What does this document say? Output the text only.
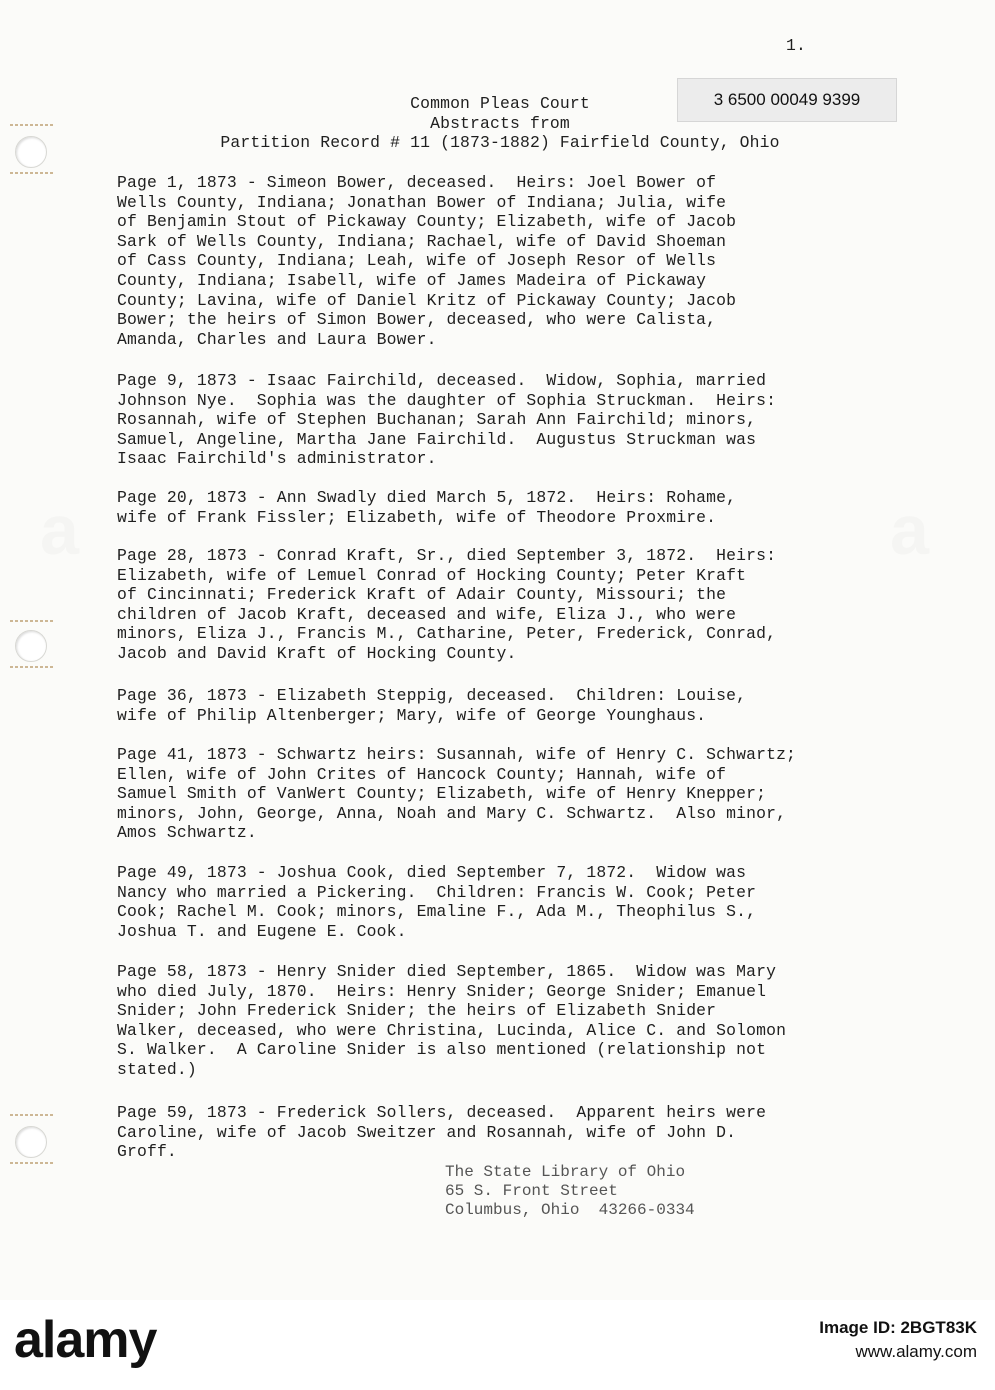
a	a
1.
3 6500 00049 9399
Common Pleas Court
Abstracts from
Partition Record # 11 (1873-1882) Fairfield County, Ohio
Page 1, 1873 - Simeon Bower, deceased.  Heirs: Joel Bower of
Wells County, Indiana; Jonathan Bower of Indiana; Julia, wife
of Benjamin Stout of Pickaway County; Elizabeth, wife of Jacob
Sark of Wells County, Indiana; Rachael, wife of David Shoeman
of Cass County, Indiana; Leah, wife of Joseph Resor of Wells
County, Indiana; Isabell, wife of James Madeira of Pickaway
County; Lavina, wife of Daniel Kritz of Pickaway County; Jacob
Bower; the heirs of Simon Bower, deceased, who were Calista,
Amanda, Charles and Laura Bower.
Page 9, 1873 - Isaac Fairchild, deceased.  Widow, Sophia, married
Johnson Nye.  Sophia was the daughter of Sophia Struckman.  Heirs:
Rosannah, wife of Stephen Buchanan; Sarah Ann Fairchild; minors,
Samuel, Angeline, Martha Jane Fairchild.  Augustus Struckman was
Isaac Fairchild's administrator.
Page 20, 1873 - Ann Swadly died March 5, 1872.  Heirs: Rohame,
wife of Frank Fissler; Elizabeth, wife of Theodore Proxmire.
Page 28, 1873 - Conrad Kraft, Sr., died September 3, 1872.  Heirs:
Elizabeth, wife of Lemuel Conrad of Hocking County; Peter Kraft
of Cincinnati; Frederick Kraft of Adair County, Missouri; the
children of Jacob Kraft, deceased and wife, Eliza J., who were
minors, Eliza J., Francis M., Catharine, Peter, Frederick, Conrad,
Jacob and David Kraft of Hocking County.
Page 36, 1873 - Elizabeth Steppig, deceased.  Children: Louise,
wife of Philip Altenberger; Mary, wife of George Younghaus.
Page 41, 1873 - Schwartz heirs: Susannah, wife of Henry C. Schwartz;
Ellen, wife of John Crites of Hancock County; Hannah, wife of
Samuel Smith of VanWert County; Elizabeth, wife of Henry Knepper;
minors, John, George, Anna, Noah and Mary C. Schwartz.  Also minor,
Amos Schwartz.
Page 49, 1873 - Joshua Cook, died September 7, 1872.  Widow was
Nancy who married a Pickering.  Children: Francis W. Cook; Peter
Cook; Rachel M. Cook; minors, Emaline F., Ada M., Theophilus S.,
Joshua T. and Eugene E. Cook.
Page 58, 1873 - Henry Snider died September, 1865.  Widow was Mary
who died July, 1870.  Heirs: Henry Snider; George Snider; Emanuel
Snider; John Frederick Snider; the heirs of Elizabeth Snider
Walker, deceased, who were Christina, Lucinda, Alice C. and Solomon
S. Walker.  A Caroline Snider is also mentioned (relationship not
stated.)
Page 59, 1873 - Frederick Sollers, deceased.  Apparent heirs were
Caroline, wife of Jacob Sweitzer and Rosannah, wife of John D.
Groff.
The State Library of Ohio
65 S. Front Street
Columbus, Ohio  43266-0334
alamy	Image ID: 2BGT83K
www.alamy.com
